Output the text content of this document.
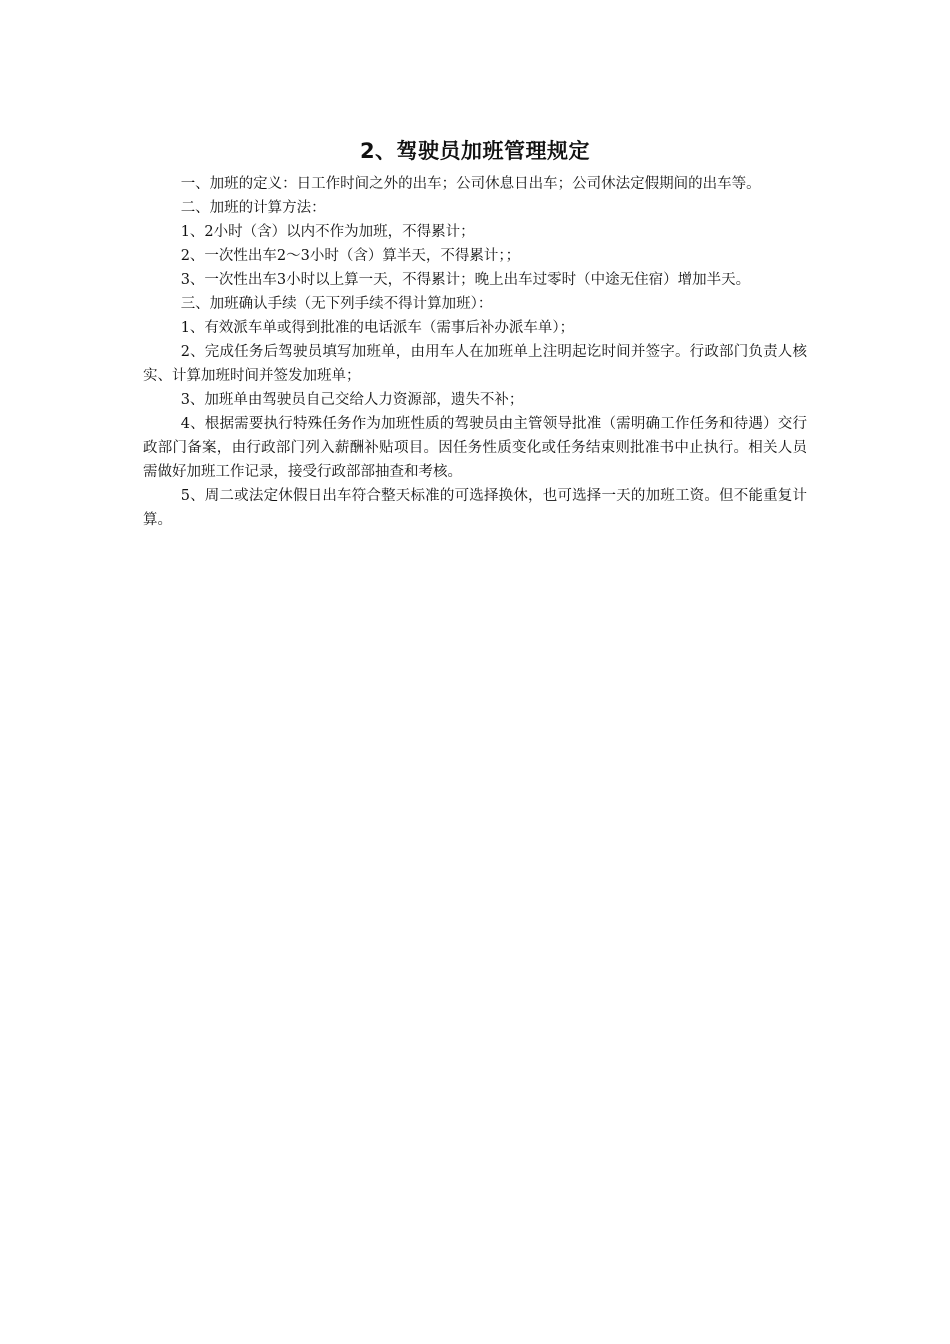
2、驾驶员加班管理规定

一、加班的定义：日工作时间之外的出车；公司休息日出车；公司休法定假期间的出车等。

二、加班的计算方法：

1、2小时（含）以内不作为加班，不得累计；

2、一次性出车2～3小时（含）算半天，不得累计；；

3、一次性出车3小时以上算一天，不得累计；晚上出车过零时（中途无住宿）增加半天。

三、加班确认手续（无下列手续不得计算加班）：

1、有效派车单或得到批准的电话派车（需事后补办派车单）；

2、完成任务后驾驶员填写加班单，由用车人在加班单上注明起讫时间并签字。行政部门负责人核实、计算加班时间并签发加班单；

3、加班单由驾驶员自己交给人力资源部，遗失不补；

4、根据需要执行特殊任务作为加班性质的驾驶员由主管领导批准（需明确工作任务和待遇）交行政部门备案，由行政部门列入薪酬补贴项目。因任务性质变化或任务结束则批准书中止执行。相关人员需做好加班工作记录，接受行政部部抽查和考核。

5、周二或法定休假日出车符合整天标准的可选择换休，也可选择一天的加班工资。但不能重复计算。
